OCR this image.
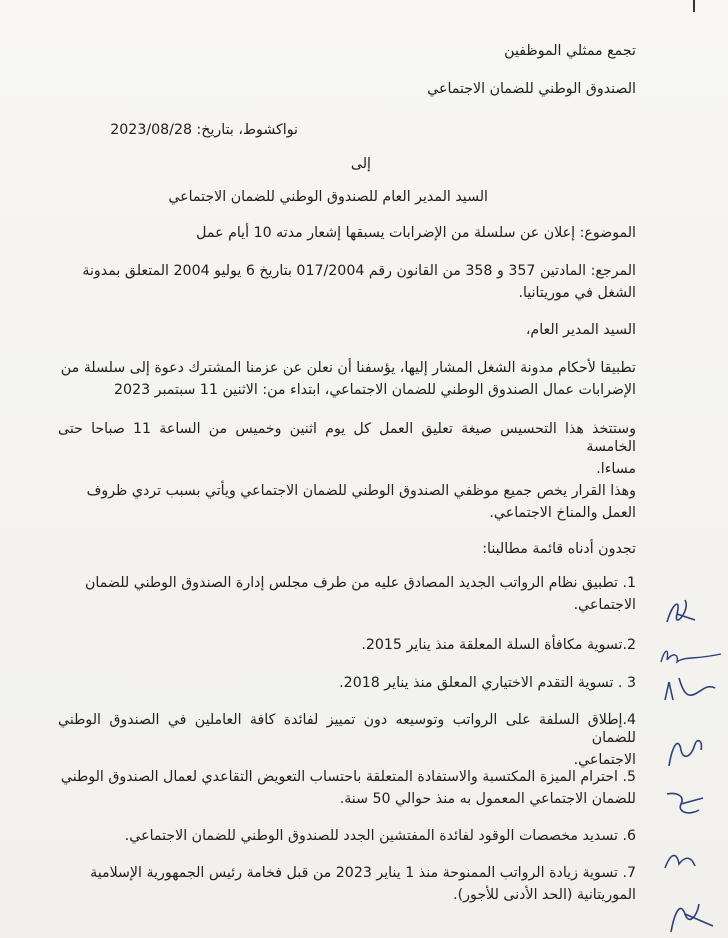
تجمع ممثلي الموظفين
الصندوق الوطني للضمان الاجتماعي
نواكشوط، بتاريخ: 2023/08/28
إلى
السيد المدير العام للصندوق الوطني للضمان الاجتماعي
الموضوع: إعلان عن سلسلة من الإضرابات يسبقها إشعار مدته 10 أيام عمل
المرجع: المادتين 357 و 358 من القانون رقم 017/2004 بتاريخ 6 يوليو 2004 المتعلق بمدونة
الشغل في موريتانيا.
السيد المدير العام،
تطبيقا لأحكام مدونة الشغل المشار إليها، يؤسفنا أن نعلن عن عزمنا المشترك دعوة إلى سلسلة من
الإضرابات عمال الصندوق الوطني للضمان الاجتماعي، ابتداء من: الاثنين 11 سبتمبر 2023
وستتخذ هذا التحسيس صيغة تعليق العمل كل يوم اثنين وخميس من الساعة 11 صباحا حتى الخامسة
مساءا.
وهذا القرار يخص جميع موظفي الصندوق الوطني للضمان الاجتماعي ويأتي بسبب تردي ظروف
العمل والمناخ الاجتماعي.
تجدون أدناه قائمة مطالبنا:
1. تطبيق نظام الرواتب الجديد المصادق عليه من طرف مجلس إدارة الصندوق الوطني للضمان
الاجتماعي.
2.تسوية مكافأة السلة المعلقة منذ يناير 2015.
3 . تسوية التقدم الاختياري المعلق منذ يناير 2018.
4.إطلاق السلفة على الرواتب وتوسيعه دون تمييز لفائدة كافة العاملين في الصندوق الوطني للضمان
الاجتماعي.
5. احترام الميزة المكتسبة والاستفادة المتعلقة باحتساب التعويض التقاعدي لعمال الصندوق الوطني
للضمان الاجتماعي المعمول به منذ حوالي 50 سنة.
6. تسديد مخصصات الوقود لفائدة المفتشين الجدد للصندوق الوطني للضمان الاجتماعي.
7. تسوية زيادة الرواتب الممنوحة منذ 1 يناير 2023 من قبل فخامة رئيس الجمهورية الإسلامية
الموريتانية (الحد الأدنى للأجور).
